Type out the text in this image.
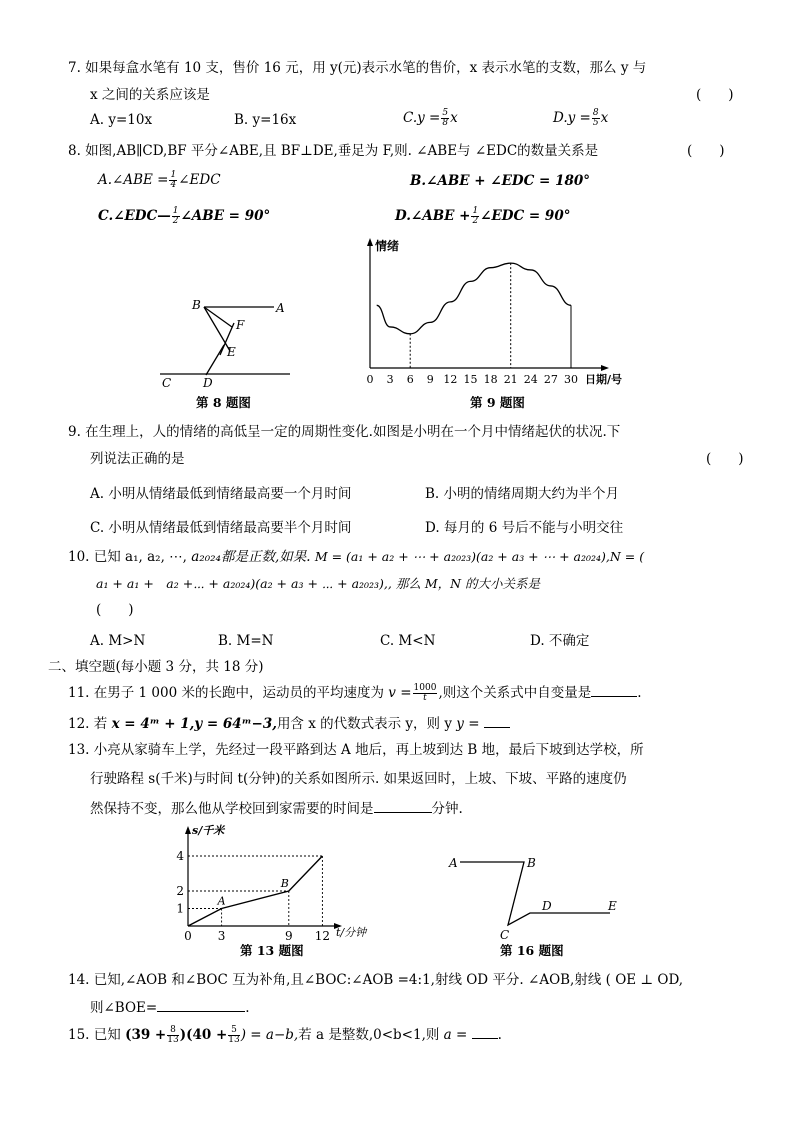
7. 如果每盒水笔有 10 支，售价 16 元，用 y(元)表示水笔的售价，x 表示水笔的支数，那么 y 与
x 之间的关系应该是	(　　)
A. y=10x	B. y=16x	$C.y = \frac{5}{8}$ x	$D.y = \frac{8}{5}$ x
8. 如图,AB∥CD,BF 平分∠ABE,且 BF⊥DE,垂足为 F,则. ∠ABE与 ∠EDC的数量关系是	(　　)
A.∠ABE = $\frac{1}{4}$ ∠EDC	B.∠ABE + ∠EDC = 180°
C.∠EDC— $\frac{1}{2}$ ∠ABE = 90°	D.∠ABE + $\frac{1}{2}$ ∠EDC = 90°
B	A
F
E
C	D
第 8 题图
情绪
日期/号
0 3 6 9 12 15 18 21 24 27 30
第 9 题图
9. 在生理上，人的情绪的高低呈一定的周期性变化.如图是小明在一个月中情绪起伏的状况.下
列说法正确的是	(　　)
A. 小明从情绪最低到情绪最高要一个月时间	B. 小明的情绪周期大约为半个月
C. 小明从情绪最低到情绪最高要半个月时间	D. 每月的 6 号后不能与小明交往
10. 已知 a₁, a₂, ⋯, a₂₀₂₄都是正数,如果. M = (a₁ + a₂ + ⋯ + a₂₀₂₃)(a₂ + a₃ + ⋯ + a₂₀₂₄),N = (
a₁ + a₁ +　a₂ +⋯ + a₂₀₂₄)(a₂ + a₃ + ⋯ + a₂₀₂₃),, 那么 M，N 的大小关系是
(　　)
A. M>N	B. M=N	C. M<N	D. 不确定
二、填空题(每小题 3 分，共 18 分)
11. 在男子 1 000 米的长跑中，运动员的平均速度为 $v = \frac{1000}{t}$ ,则这个关系式中自变量是	.
12. 若 x = 4ᵐ + 1,y = 64ᵐ−3,用含 x 的代数式表示 y，则 y y =
13. 小亮从家骑车上学，先经过一段平路到达 A 地后，再上坡到达 B 地，最后下坡到达学校，所
行驶路程 s(千米)与时间 t(分钟)的关系如图所示. 如果返回时，上坡、下坡、平路的速度仍
然保持不变，那么他从学校回到家需要的时间是	分钟.
s/千米
t/分钟
1
2
4
0 3	9 12
A
B
第 13 题图
A	B
C
D	E
第 16 题图
14. 已知,∠AOB 和∠BOC 互为补角,且∠BOC:∠AOB =4:1,射线 OD 平分. ∠AOB,射线 ( OE ⊥ OD,
则∠BOE=	.
15. 已知 $(39 + \frac{8}{13} )(40 + \frac{5}{13}$ ) = a−b,若 a 是整数,0<b<1,则 a = .
